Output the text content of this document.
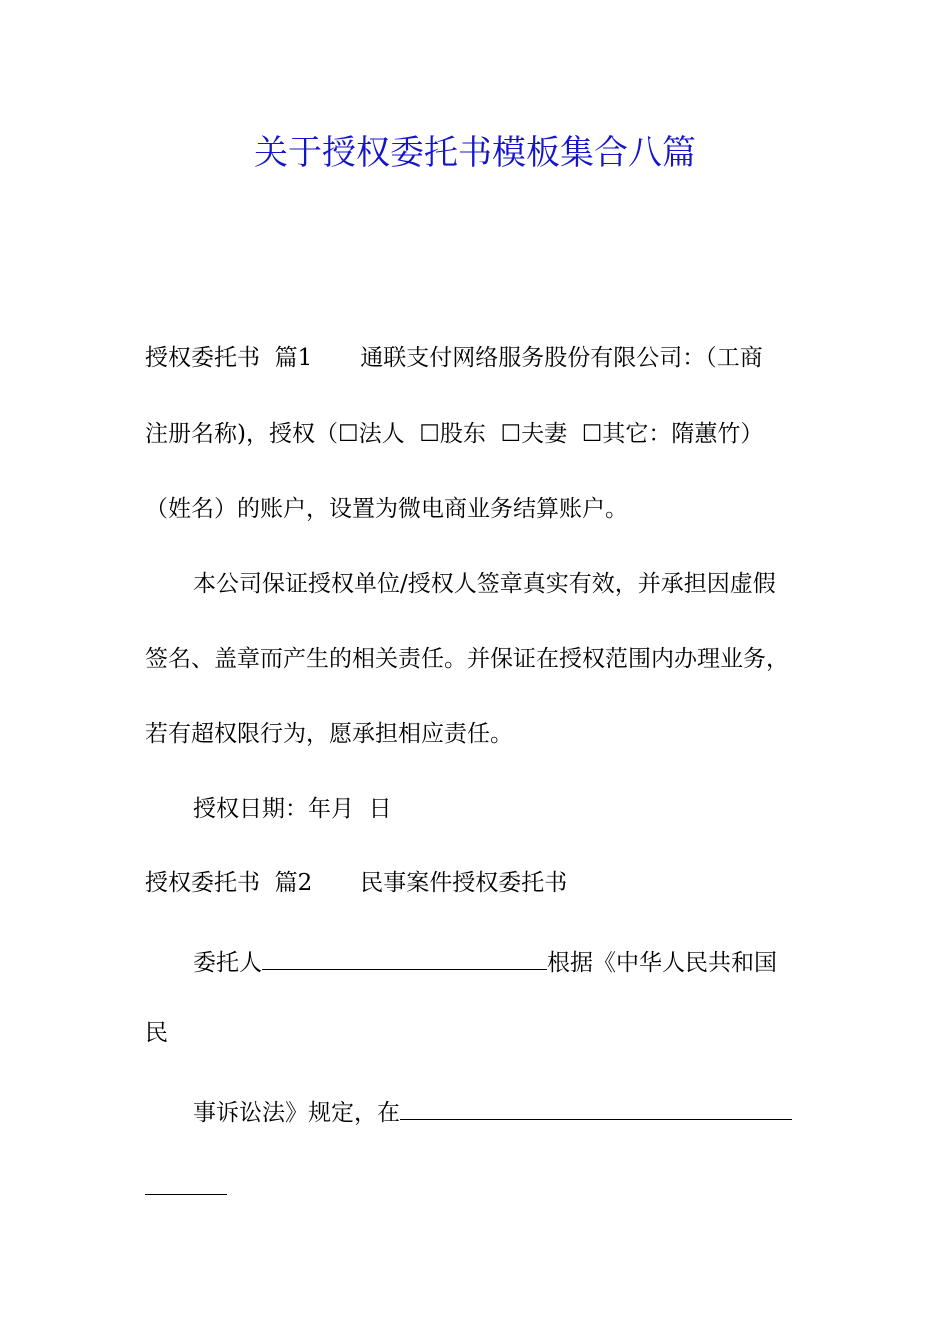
关于授权委托书模板集合八篇

授权委托书  篇1 通联支付网络服务股份有限公司：（工商

注册名称)，授权（☐法人  ☐股东  ☐夫妻  ☐其它：隋蕙竹）

（姓名）的账户，设置为微电商业务结算账户。

本公司保证授权单位/授权人签章真实有效，并承担因虚假

签名、盖章而产生的相关责任。并保证在授权范围内办理业务，

若有超权限行为，愿承担相应责任。

授权日期：年月  日

授权委托书  篇2 民事案件授权委托书

委托人	根据《中华人民共和国

民

事诉讼法》规定，在
